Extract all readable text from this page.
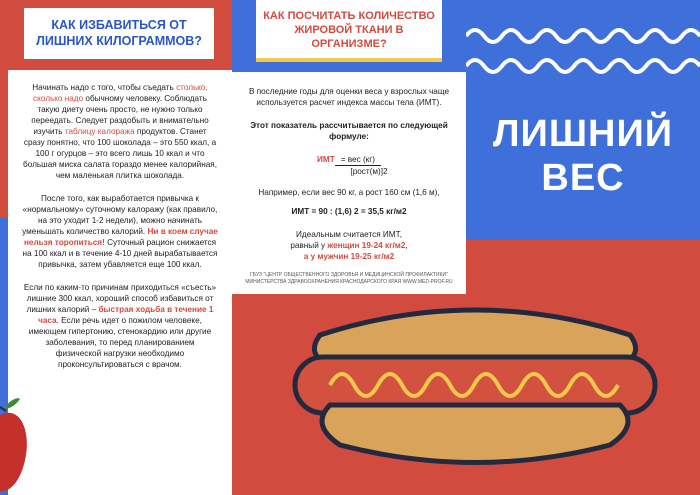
КАК ИЗБАВИТЬСЯ ОТ ЛИШНИХ КИЛОГРАММОВ?

Начинать надо с того, чтобы съедать столько, сколько надо обычному человеку. Соблюдать такую диету очень просто, не нужно только переедать. Следует раздобыть и внимательно изучить таблицу калоража продуктов. Станет сразу понятно, что 100 шоколада – это 550 ккал, а 100 г огурцов – это всего лишь 10 ккал и что большая миска салата гораздо менее калорийная, чем маленькая плитка шоколада.

После того, как выработается привычка к «нормальному» суточному калоражу (как правило, на это уходит 1-2 недели), можно начинать уменьшать количество калорий. Ни в коем случае нельзя торопиться! Суточный рацион снижается на 100 ккал и в течение 4-10 дней вырабатывается привычка, затем убавляется еще 100 ккал.

Если по каким-то причинам приходиться «съесть» лишние 300 ккал, хороший способ избавиться от лишних калорий – быстрая ходьба в течение 1 часа. Если речь идет о пожилом человеке, имеющем гипертонию, стенокардию или другие заболевания, то перед планированием физической нагрузки необходимо проконсультироваться с врачом.

КАК ПОСЧИТАТЬ КОЛИЧЕСТВО ЖИРОВОЙ ТКАНИ В ОРГАНИЗМЕ?

В последние годы для оценки веса у взрослых чаще используется расчет индекса массы тела (ИМТ).

Этот показатель рассчитывается по следующей формуле:

ИМТ= вес (кг)
[рост(м)]2

Например, если вес 90 кг, а рост 160 см (1,6 м),

ИМТ = 90 : (1,6) 2 = 35,5 кг/м2

Идеальным считается ИМТ,
равный у женщин 19-24 кг/м2,
а у мужчин 19-25 кг/м2

ГБУЗ "ЦЕНТР ОБЩЕСТВЕННОГО ЗДОРОВЬЯ И МЕДИЦИНСКОЙ ПРОФИЛАКТИКИ" МИНИСТЕРСТВА ЗДРАВООХРАНЕНИЯ КРАСНОДАРСКОГО КРАЯ WWW.MED-PROF.RU
ЛИШНИЙ
ВЕС
